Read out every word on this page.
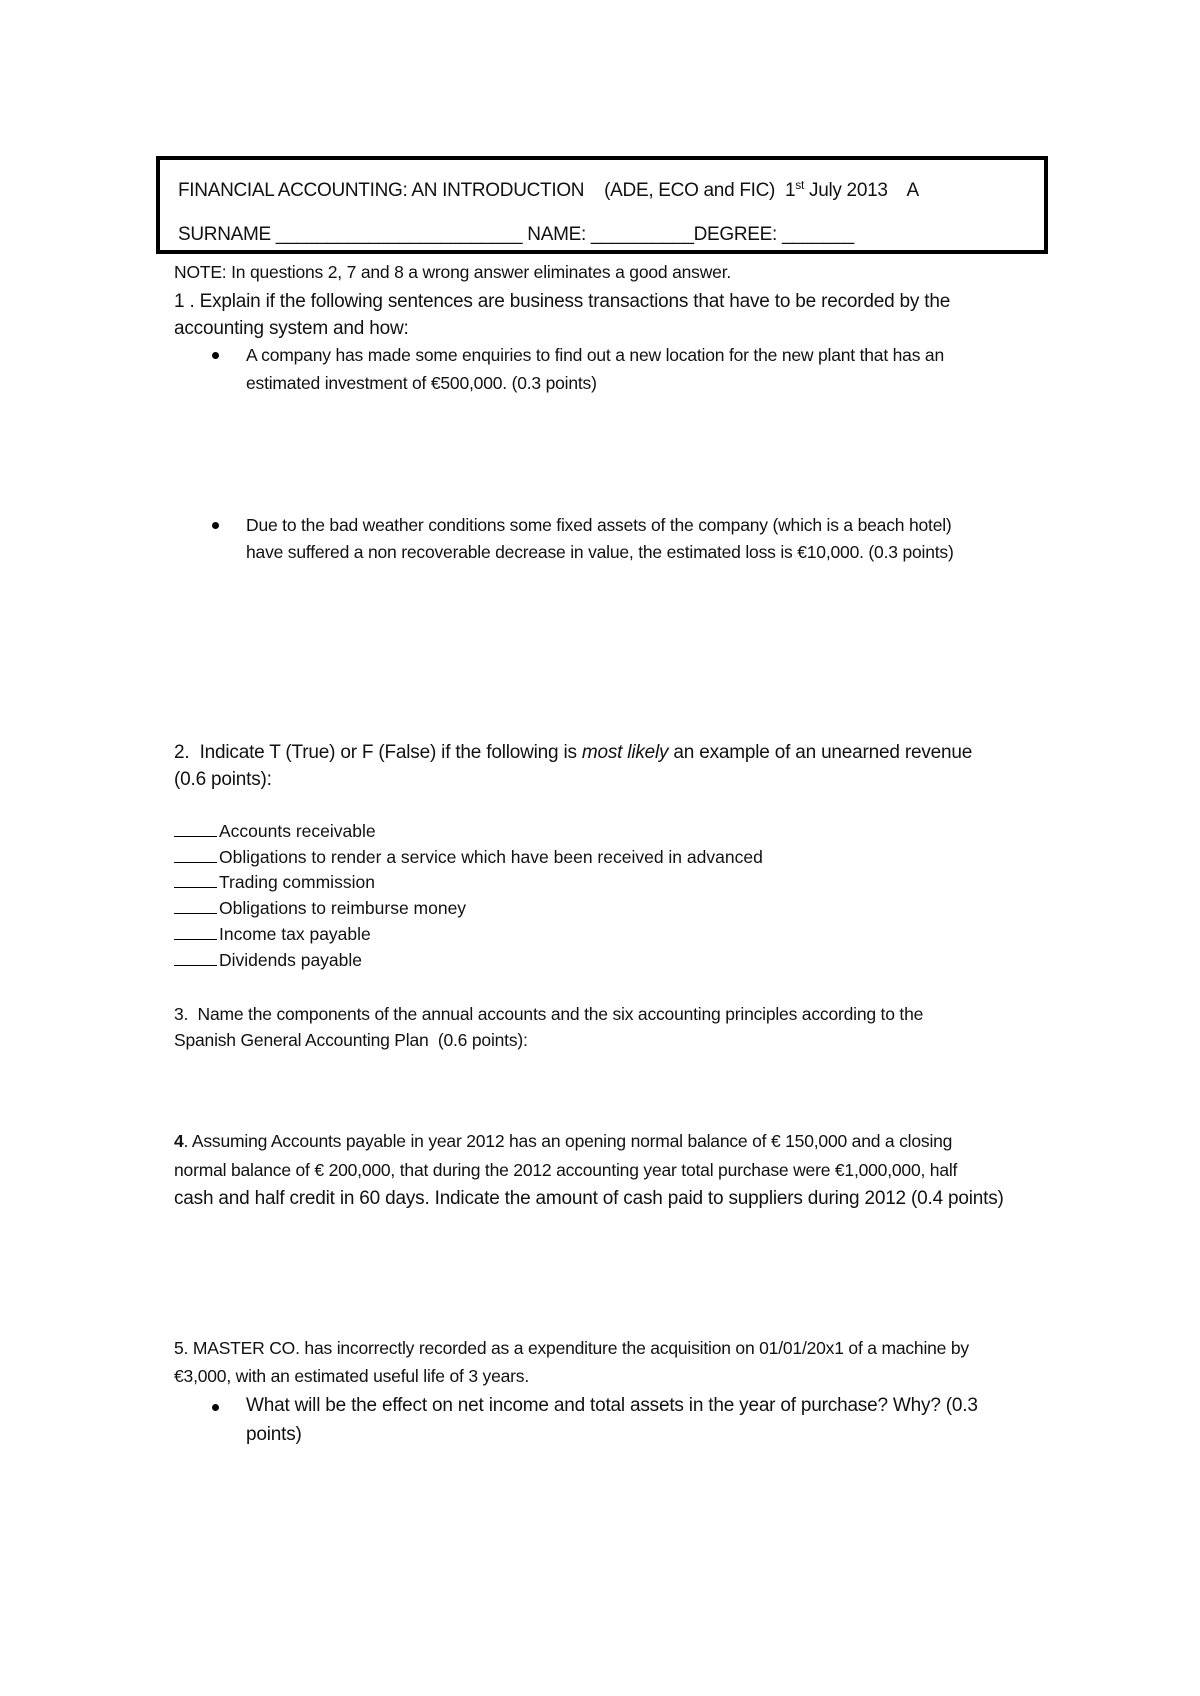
FINANCIAL ACCOUNTING: AN INTRODUCTION    (ADE, ECO and FIC)  1st July 2013    A
SURNAME ________________________ NAME: __________DEGREE: _______
NOTE: In questions 2, 7 and 8 a wrong answer eliminates a good answer.
1 . Explain if the following sentences are business transactions that have to be recorded by the
accounting system and how:
A company has made some enquiries to find out a new location for the new plant that has an
estimated investment of €500,000. (0.3 points)
Due to the bad weather conditions some fixed assets of the company (which is a beach hotel)
have suffered a non recoverable decrease in value, the estimated loss is €10,000. (0.3 points)
2.  Indicate T (True) or F (False) if the following is most likely an example of an unearned revenue
(0.6 points):
Accounts receivable
Obligations to render a service which have been received in advanced
Trading commission
Obligations to reimburse money
Income tax payable
Dividends payable
3.  Name the components of the annual accounts and the six accounting principles according to the
Spanish General Accounting Plan  (0.6 points):
4. Assuming Accounts payable in year 2012 has an opening normal balance of € 150,000 and a closing
normal balance of € 200,000, that during the 2012 accounting year total purchase were €1,000,000, half
cash and half credit in 60 days. Indicate the amount of cash paid to suppliers during 2012 (0.4 points)
5. MASTER CO. has incorrectly recorded as a expenditure the acquisition on 01/01/20x1 of a machine by
€3,000, with an estimated useful life of 3 years.
What will be the effect on net income and total assets in the year of purchase? Why? (0.3
points)
